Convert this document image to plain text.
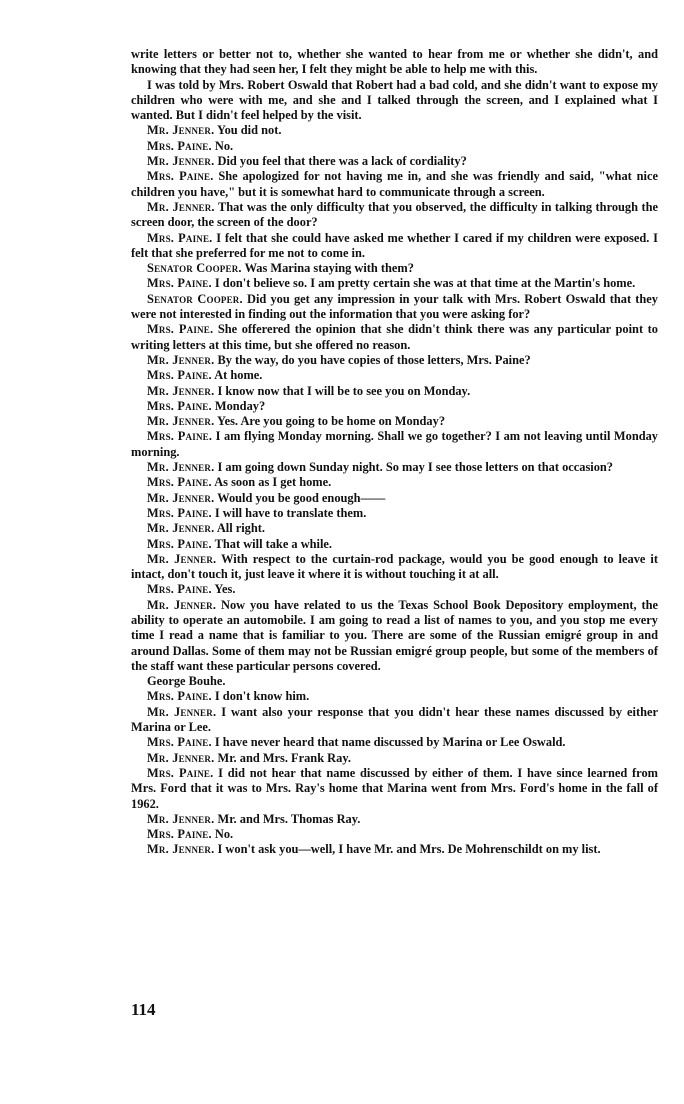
write letters or better not to, whether she wanted to hear from me or whether she didn't, and knowing that they had seen her, I felt they might be able to help me with this.

I was told by Mrs. Robert Oswald that Robert had a bad cold, and she didn't want to expose my children who were with me, and she and I talked through the screen, and I explained what I wanted. But I didn't feel helped by the visit.

Mr. Jenner. You did not.

Mrs. Paine. No.

Mr. Jenner. Did you feel that there was a lack of cordiality?

Mrs. Paine. She apologized for not having me in, and she was friendly and said, "what nice children you have," but it is somewhat hard to communicate through a screen.

Mr. Jenner. That was the only difficulty that you observed, the difficulty in talking through the screen door, the screen of the door?

Mrs. Paine. I felt that she could have asked me whether I cared if my children were exposed. I felt that she preferred for me not to come in.

Senator Cooper. Was Marina staying with them?

Mrs. Paine. I don't believe so. I am pretty certain she was at that time at the Martin's home.

Senator Cooper. Did you get any impression in your talk with Mrs. Robert Oswald that they were not interested in finding out the information that you were asking for?

Mrs. Paine. She offerered the opinion that she didn't think there was any particular point to writing letters at this time, but she offered no reason.

Mr. Jenner. By the way, do you have copies of those letters, Mrs. Paine?

Mrs. Paine. At home.

Mr. Jenner. I know now that I will be to see you on Monday.

Mrs. Paine. Monday?

Mr. Jenner. Yes. Are you going to be home on Monday?

Mrs. Paine. I am flying Monday morning. Shall we go together? I am not leaving until Monday morning.

Mr. Jenner. I am going down Sunday night. So may I see those letters on that occasion?

Mrs. Paine. As soon as I get home.

Mr. Jenner. Would you be good enough——

Mrs. Paine. I will have to translate them.

Mr. Jenner. All right.

Mrs. Paine. That will take a while.

Mr. Jenner. With respect to the curtain-rod package, would you be good enough to leave it intact, don't touch it, just leave it where it is without touching it at all.

Mrs. Paine. Yes.

Mr. Jenner. Now you have related to us the Texas School Book Depository employment, the ability to operate an automobile. I am going to read a list of names to you, and you stop me every time I read a name that is familiar to you. There are some of the Russian emigré group in and around Dallas. Some of them may not be Russian emigré group people, but some of the members of the staff want these particular persons covered.

George Bouhe.

Mrs. Paine. I don't know him.

Mr. Jenner. I want also your response that you didn't hear these names discussed by either Marina or Lee.

Mrs. Paine. I have never heard that name discussed by Marina or Lee Oswald.

Mr. Jenner. Mr. and Mrs. Frank Ray.

Mrs. Paine. I did not hear that name discussed by either of them. I have since learned from Mrs. Ford that it was to Mrs. Ray's home that Marina went from Mrs. Ford's home in the fall of 1962.

Mr. Jenner. Mr. and Mrs. Thomas Ray.

Mrs. Paine. No.

Mr. Jenner. I won't ask you—well, I have Mr. and Mrs. De Mohrenschildt on my list.

114
